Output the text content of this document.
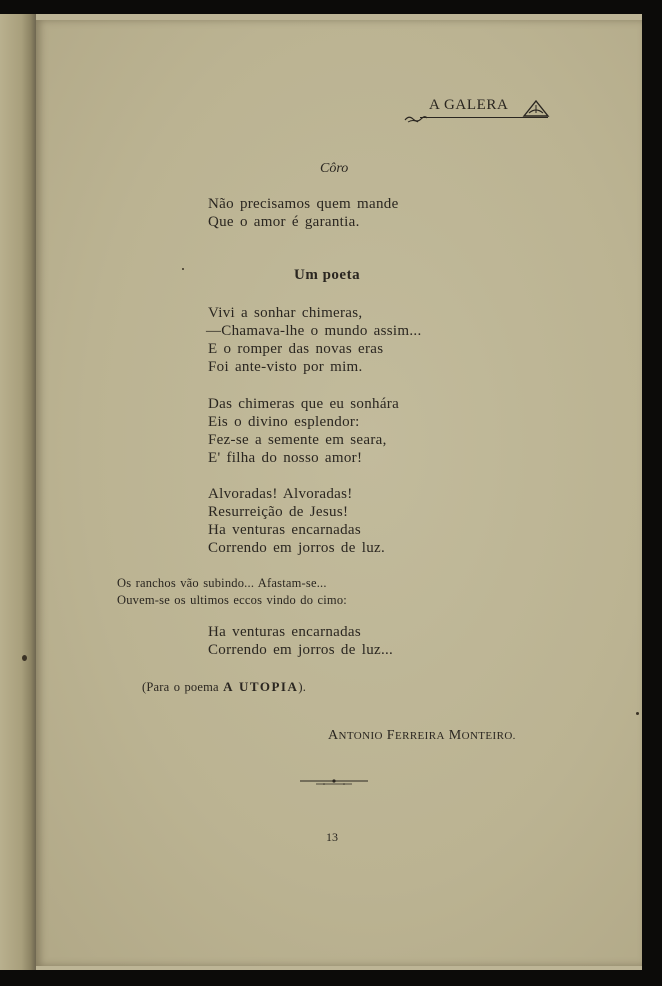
A GALERA
Côro
Não precisamos quem mande
Que o amor é garantia.
Um poeta
Vivi a sonhar chimeras,
—Chamava-lhe o mundo assim...
E o romper das novas eras
Foi ante-visto por mim.
Das chimeras que eu sonhára
Eis o divino esplendor:
Fez-se a semente em seara,
E' filha do nosso amor!
Alvoradas! Alvoradas!
Resurreição de Jesus!
Ha venturas encarnadas
Correndo em jorros de luz.
Os ranchos vão subindo... Afastam-se...
Ouvem-se os ultimos eccos vindo do cimo:
Ha venturas encarnadas
Correndo em jorros de luz...
(Para o poema A UTOPIA).
ANTONIO FERREIRA MONTEIRO.
13
